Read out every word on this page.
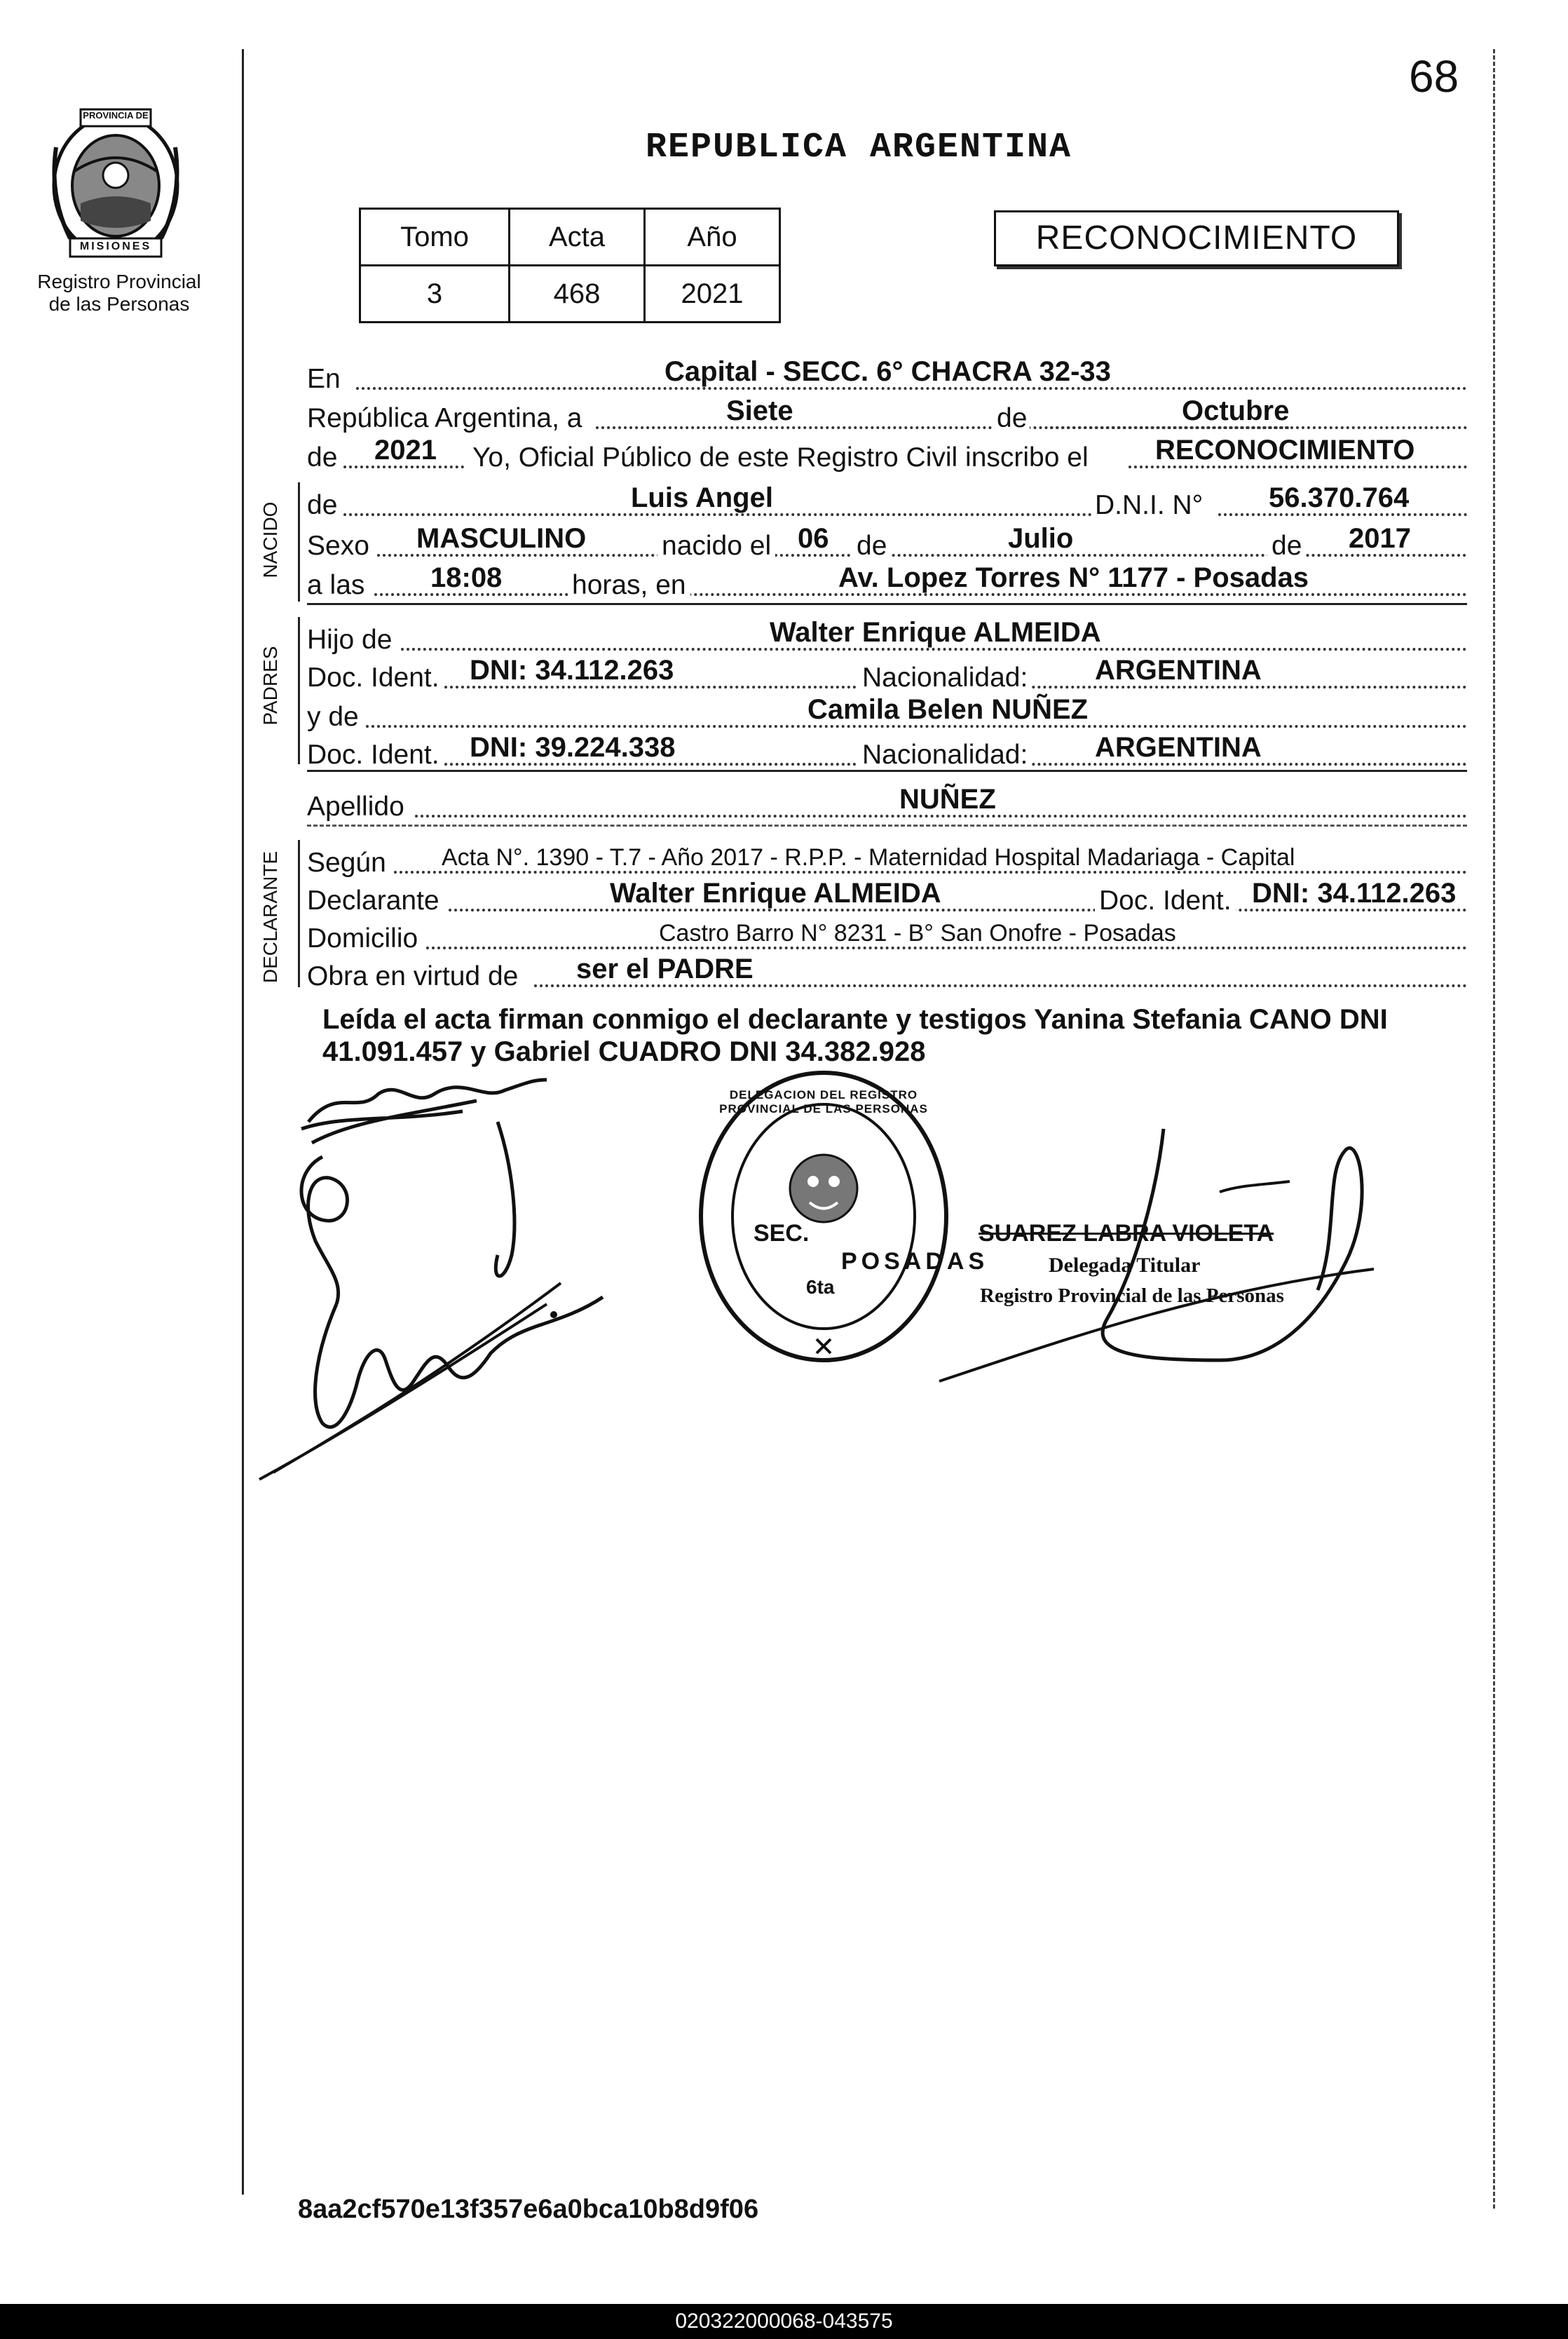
68
PROVINCIA DE
MISIONES
Registro Provincial
de las Personas
REPUBLICA ARGENTINA
Tomo	Acta	Año
3	468	2021
RECONOCIMIENTO
NACIDO
PADRES
DECLARANTE
En	Capital - SECC. 6° CHACRA 32-33
República Argentina, a	Siete	de	Octubre
de 2021 Yo, Oficial Público de este Registro Civil inscribo el RECONOCIMIENTO
de	Luis Angel	D.N.I. N° 56.370.764
Sexo MASCULINO	nacido el 06 de	Julio	de 2017
a las 18:08	horas, en	Av. Lopez Torres N° 1177 - Posadas
Hijo de	Walter Enrique ALMEIDA
Doc. Ident. DNI: 34.112.263	Nacionalidad: ARGENTINA
y de	Camila Belen NUÑEZ
Doc. Ident. DNI: 39.224.338	Nacionalidad: ARGENTINA
Apellido	NUÑEZ
Según Acta N°. 1390 - T.7 - Año 2017 - R.P.P. - Maternidad Hospital Madariaga - Capital
Declarante	Walter Enrique ALMEIDA	Doc. Ident. DNI: 34.112.263
Domicilio	Castro Barro N° 8231 - B° San Onofre - Posadas
Obra en virtud de ser el PADRE
Leída el acta firman conmigo el declarante y testigos Yanina Stefania CANO DNI
41.091.457 y Gabriel CUADRO DNI 34.382.928
DELEGACION DEL REGISTRO PROVINCIAL DE LAS PERSONAS
SEC.
6ta
POSADAS
SUAREZ LABRA VIOLETA
Delegada Titular
Registro Provincial de las Personas
8aa2cf570e13f357e6a0bca10b8d9f06
020322000068-043575
